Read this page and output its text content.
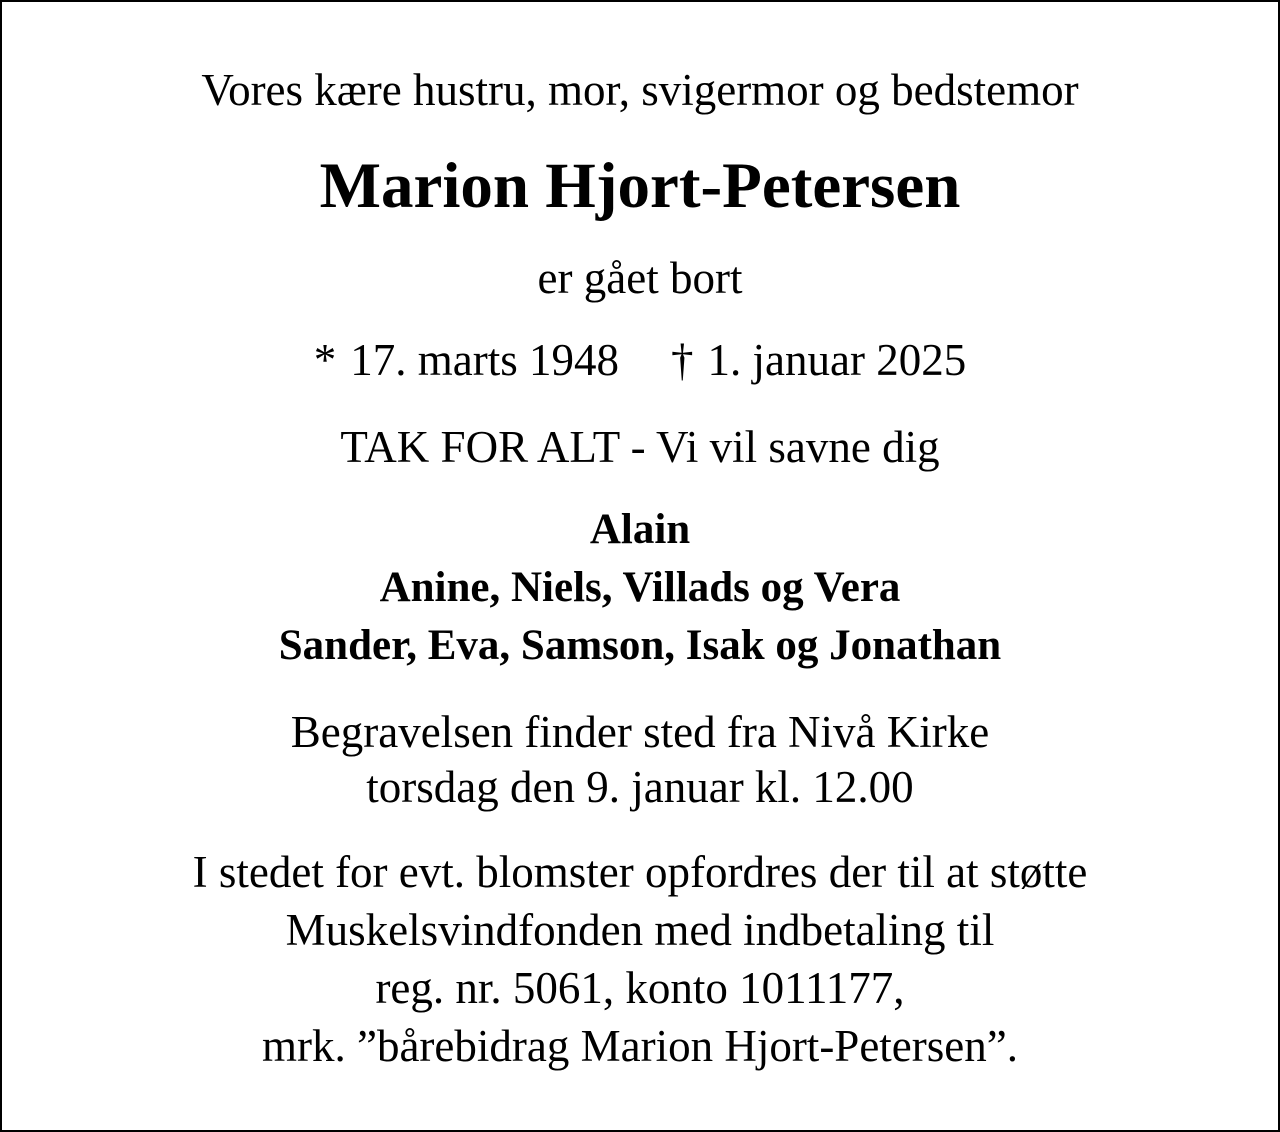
Vores kære hustru, mor, svigermor og bedstemor
Marion Hjort-Petersen
er gået bort
* 17. marts 1948 † 1. januar 2025
TAK FOR ALT - Vi vil savne dig
Alain
Anine, Niels, Villads og Vera
Sander, Eva, Samson, Isak og Jonathan
Begravelsen finder sted fra Nivå Kirke
torsdag den 9. januar kl. 12.00
I stedet for evt. blomster opfordres der til at støtte
Muskelsvindfonden med indbetaling til
reg. nr. 5061, konto 1011177,
mrk. ”bårebidrag Marion Hjort-Petersen”.
